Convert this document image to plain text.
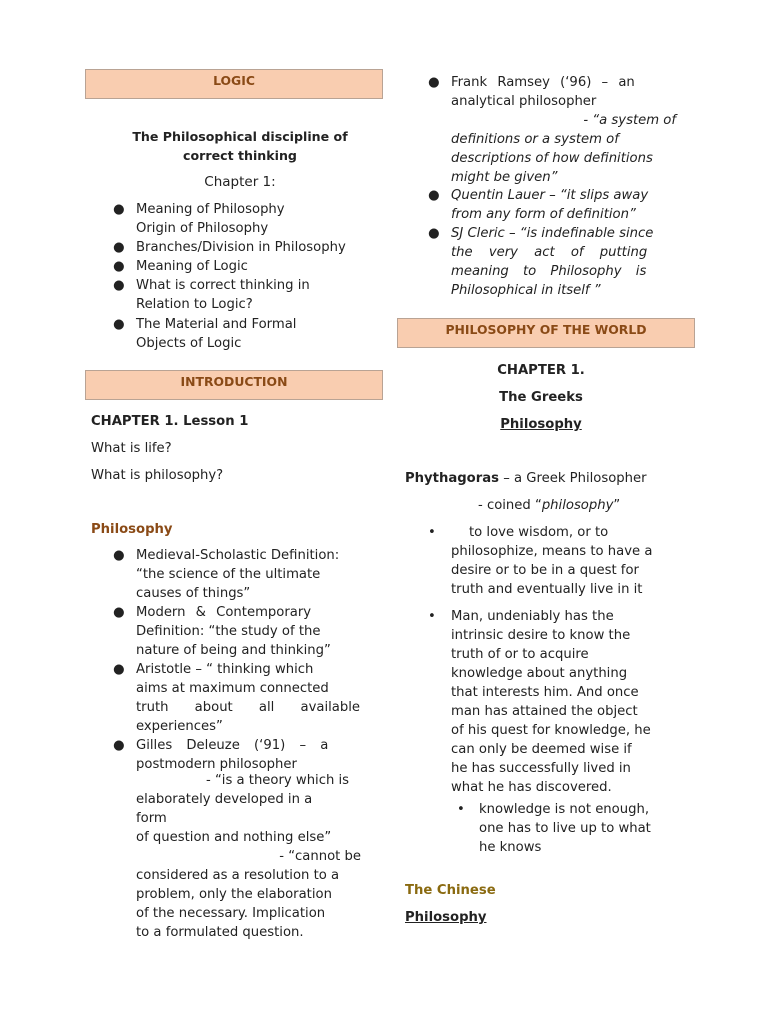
LOGIC
The Philosophical discipline of
correct thinking
Chapter 1:
● Meaning of Philosophy
Origin of Philosophy
● Branches/Division in Philosophy
● Meaning of Logic
● What is correct thinking in
Relation to Logic?
● The Material and Formal
Objects of Logic
INTRODUCTION
CHAPTER 1. Lesson 1
What is life?
What is philosophy?
Philosophy
● Medieval-Scholastic Definition:
“the science of the ultimate
causes of things”
● Modern & Contemporary
Definition: “the study of the
nature of being and thinking”
● Aristotle – “ thinking which
aims at maximum connected
truth about all available
experiences”
● Gilles Deleuze (‘91) – a
postmodern philosopher
- “is a theory which is
elaborately developed in a
form
of question and nothing else”
- “cannot be
considered as a resolution to a
problem, only the elaboration
of the necessary. Implication
to a formulated question.
● Frank Ramsey (‘96) – an
analytical philosopher
- “a system of
definitions or a system of
descriptions of how definitions
might be given”
● Quentin Lauer – “it slips away
from any form of definition”
● SJ Cleric – “is indefinable since
the very act of putting
meaning to Philosophy is
Philosophical in itself ”
PHILOSOPHY OF THE WORLD
CHAPTER 1.
The Greeks
Philosophy
Phythagoras – a Greek Philosopher
- coined “philosophy”
•	to love wisdom, or to
philosophize, means to have a
desire or to be in a quest for
truth and eventually live in it
• Man, undeniably has the
intrinsic desire to know the
truth of or to acquire
knowledge about anything
that interests him. And once
man has attained the object
of his quest for knowledge, he
can only be deemed wise if
he has successfully lived in
what he has discovered.
• knowledge is not enough,
one has to live up to what
he knows
The Chinese
Philosophy
